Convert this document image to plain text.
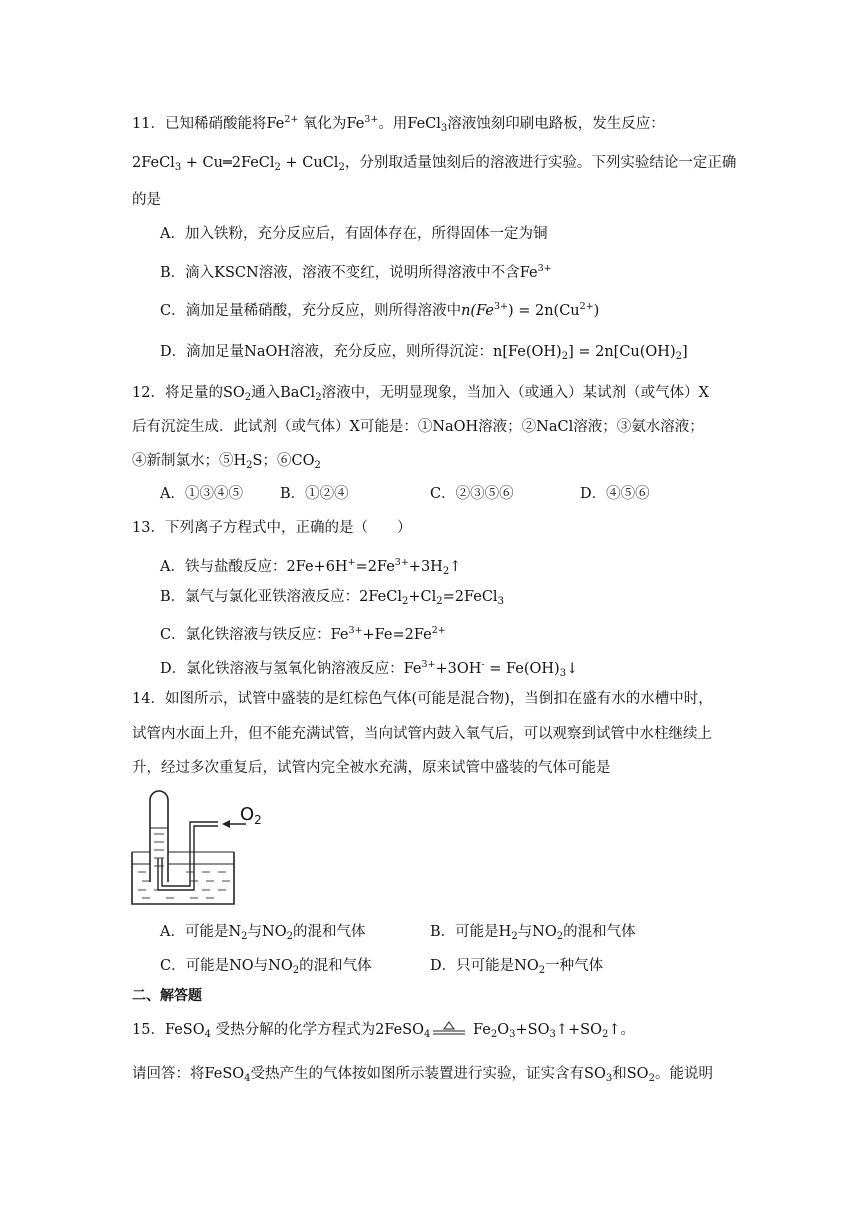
11．已知稀硝酸能将$Fe^{2+}$ 氧化为$Fe^{3+}$。用FeCl$_3$溶液蚀刻印刷电路板，发生反应：
2FeCl$_3$ + Cu═2FeCl$_2$ + CuCl$_2$，分别取适量蚀刻后的溶液进行实验。下列实验结论一定正确
的是
A．加入铁粉，充分反应后，有固体存在，所得固体一定为铜
B．滴入KSCN溶液，溶液不变红，说明所得溶液中不含$Fe^{3+}$
C．滴加足量稀硝酸，充分反应，则所得溶液中$n(Fe^{3+}) = 2n(Cu^{2+})$
D．滴加足量NaOH溶液，充分反应，则所得沉淀：$n[Fe(OH)_2] = 2n[Cu(OH)_2]$
12．将足量的$SO_2$通入BaCl$_2$溶液中，无明显现象，当加入（或通入）某试剂（或气体）X
后有沉淀生成．此试剂（或气体）X可能是：①NaOH溶液；②NaCl溶液；③氨水溶液；
④新制氯水；$⑤H_2S$；$⑥CO_2$
A．①③④⑤	B．①②④	C．②③⑤⑥	D．④⑤⑥
13．下列离子方程式中，正确的是（　　）
A．铁与盐酸反应：$2Fe+6H^+=2Fe^{3+}+3H_2↑$
B．氯气与氯化亚铁溶液反应：$2FeCl_2+Cl_2=2FeCl_3$
C．氯化铁溶液与铁反应：$Fe^{3+}+Fe=2Fe^{2+}$
D．氯化铁溶液与氢氧化钠溶液反应：$Fe^{3+}+3OH^-$ = $Fe(OH)_3↓$
14．如图所示，试管中盛装的是红棕色气体(可能是混合物)，当倒扣在盛有水的水槽中时，
试管内水面上升，但不能充满试管，当向试管内鼓入氧气后，可以观察到试管中水柱继续上
升，经过多次重复后，试管内完全被水充满，原来试管中盛装的气体可能是
$O_2$
A．可能是$N_2$与$NO_2$的混和气体	B．可能是$H_2$与$NO_2$的混和气体
C．可能是NO与$NO_2$的混和气体	D．只可能是$NO_2$一种气体
二、解答题
15．FeSO$_4$ 受热分解的化学方程式为2FeSO$_4$	$Fe_2O_3+SO_3↑+SO_2↑$。
请回答：将FeSO$_4$受热产生的气体按如图所示装置进行实验，证实含有$SO_3$和$SO_2$。能说明
